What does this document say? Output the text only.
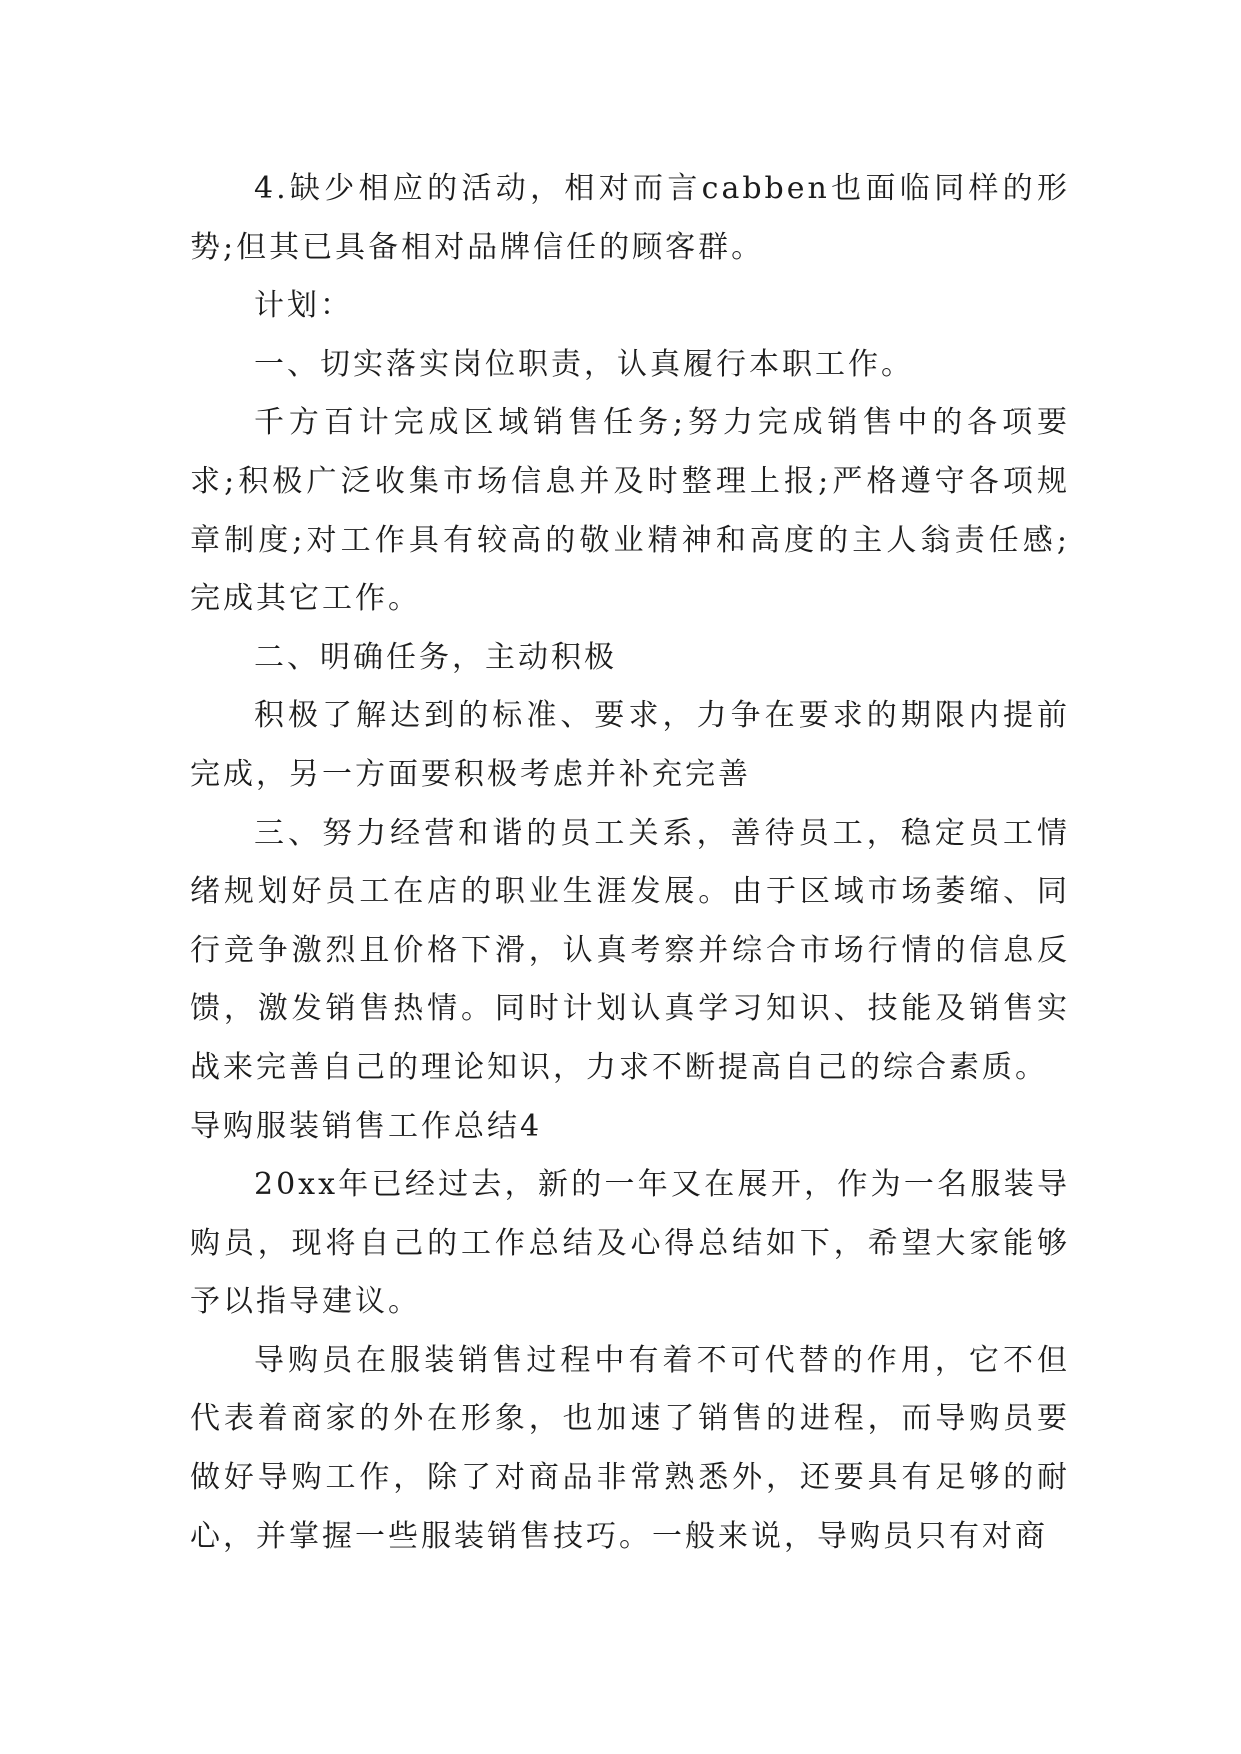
4.缺少相应的活动，相对而言cabben也面临同样的形势;但其已具备相对品牌信任的顾客群。

计划：

一、切实落实岗位职责，认真履行本职工作。

千方百计完成区域销售任务;努力完成销售中的各项要求;积极广泛收集市场信息并及时整理上报;严格遵守各项规章制度;对工作具有较高的敬业精神和高度的主人翁责任感;完成其它工作。

二、明确任务，主动积极

积极了解达到的标准、要求，力争在要求的期限内提前完成，另一方面要积极考虑并补充完善

三、努力经营和谐的员工关系，善待员工，稳定员工情绪规划好员工在店的职业生涯发展。由于区域市场萎缩、同行竞争激烈且价格下滑，认真考察并综合市场行情的信息反馈，激发销售热情。同时计划认真学习知识、技能及销售实战来完善自己的理论知识，力求不断提高自己的综合素质。

导购服装销售工作总结4

20xx年已经过去，新的一年又在展开，作为一名服装导购员，现将自己的工作总结及心得总结如下，希望大家能够予以指导建议。

导购员在服装销售过程中有着不可代替的作用，它不但代表着商家的外在形象，也加速了销售的进程，而导购员要做好导购工作，除了对商品非常熟悉外，还要具有足够的耐心，并掌握一些服装销售技巧。一般来说，导购员只有对商
